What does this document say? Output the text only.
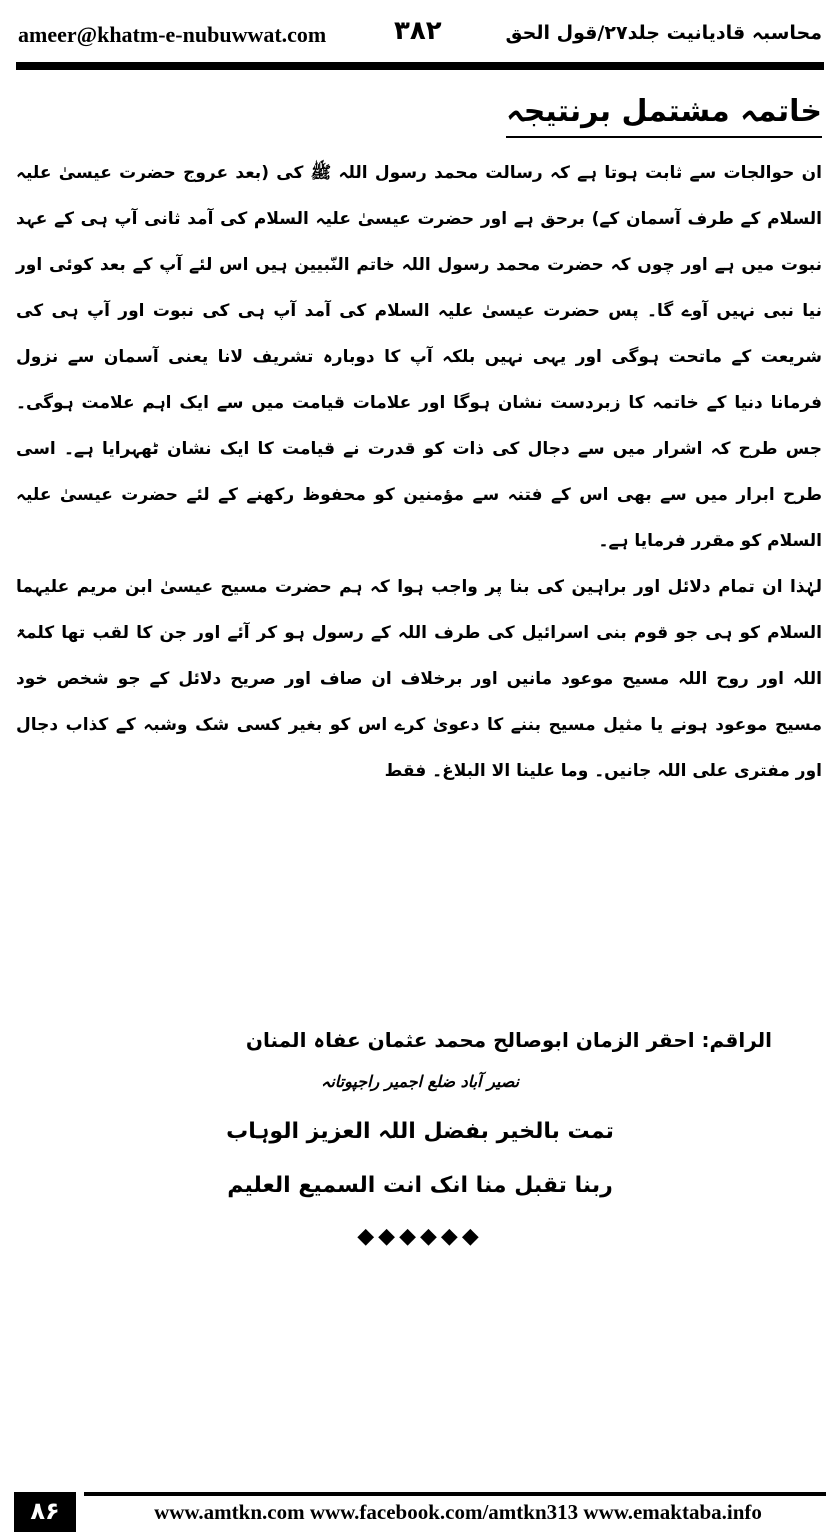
ameer@khatm-e-nubuwwat.com	۳۸۲	محاسبہ قادیانیت جلد۲۷/قول الحق
خاتمہ مشتمل برنتیجہ

ان حوالجات سے ثابت ہوتا ہے کہ رسالت محمد رسول اللہ ﷺ کی (بعد عروج حضرت عیسیٰ علیہ السلام کے طرف آسمان کے) برحق ہے اور حضرت عیسیٰ علیہ السلام کی آمد ثانی آپ ہی کے عہد نبوت میں ہے اور چوں کہ حضرت محمد رسول اللہ خاتم النّبیین ہیں اس لئے آپ کے بعد کوئی اور نیا نبی نہیں آوے گا۔ پس حضرت عیسیٰ علیہ السلام کی آمد آپ ہی کی نبوت اور آپ ہی کی شریعت کے ماتحت ہوگی اور یہی نہیں بلکہ آپ کا دوبارہ تشریف لانا یعنی آسمان سے نزول فرمانا دنیا کے خاتمہ کا زبردست نشان ہوگا اور علامات قیامت میں سے ایک اہم علامت ہوگی۔ جس طرح کہ اشرار میں سے دجال کی ذات کو قدرت نے قیامت کا ایک نشان ٹھہرایا ہے۔ اسی طرح ابرار میں سے بھی اس کے فتنہ سے مؤمنین کو محفوظ رکھنے کے لئے حضرت عیسیٰ علیہ السلام کو مقرر فرمایا ہے۔

لہٰذا ان تمام دلائل اور براہین کی بنا پر واجب ہوا کہ ہم حضرت مسیح عیسیٰ ابن مریم علیہما السلام کو ہی جو قوم بنی اسرائیل کی طرف اللہ کے رسول ہو کر آئے اور جن کا لقب تھا کلمۃ اللہ اور روح اللہ مسیح موعود مانیں اور برخلاف ان صاف اور صریح دلائل کے جو شخص خود مسیح موعود ہونے یا مثیل مسیح بننے کا دعویٰ کرے اس کو بغیر کسی شک وشبہ کے کذاب دجال اور مفتری علی اللہ جانیں۔ وما علینا الا البلاغ۔ فقط

الراقم: احقر الزمان ابوصالح محمد عثمان عفاہ المنان

نصیر آباد ضلع اجمیر راجپوتانہ

تمت بالخیر بفضل اللہ العزیز الوہاب

ربنا تقبل منا انک انت السمیع العلیم

◆◆◆◆◆◆

۸۶	www.amtkn.com www.facebook.com/amtkn313 www.emaktaba.info
